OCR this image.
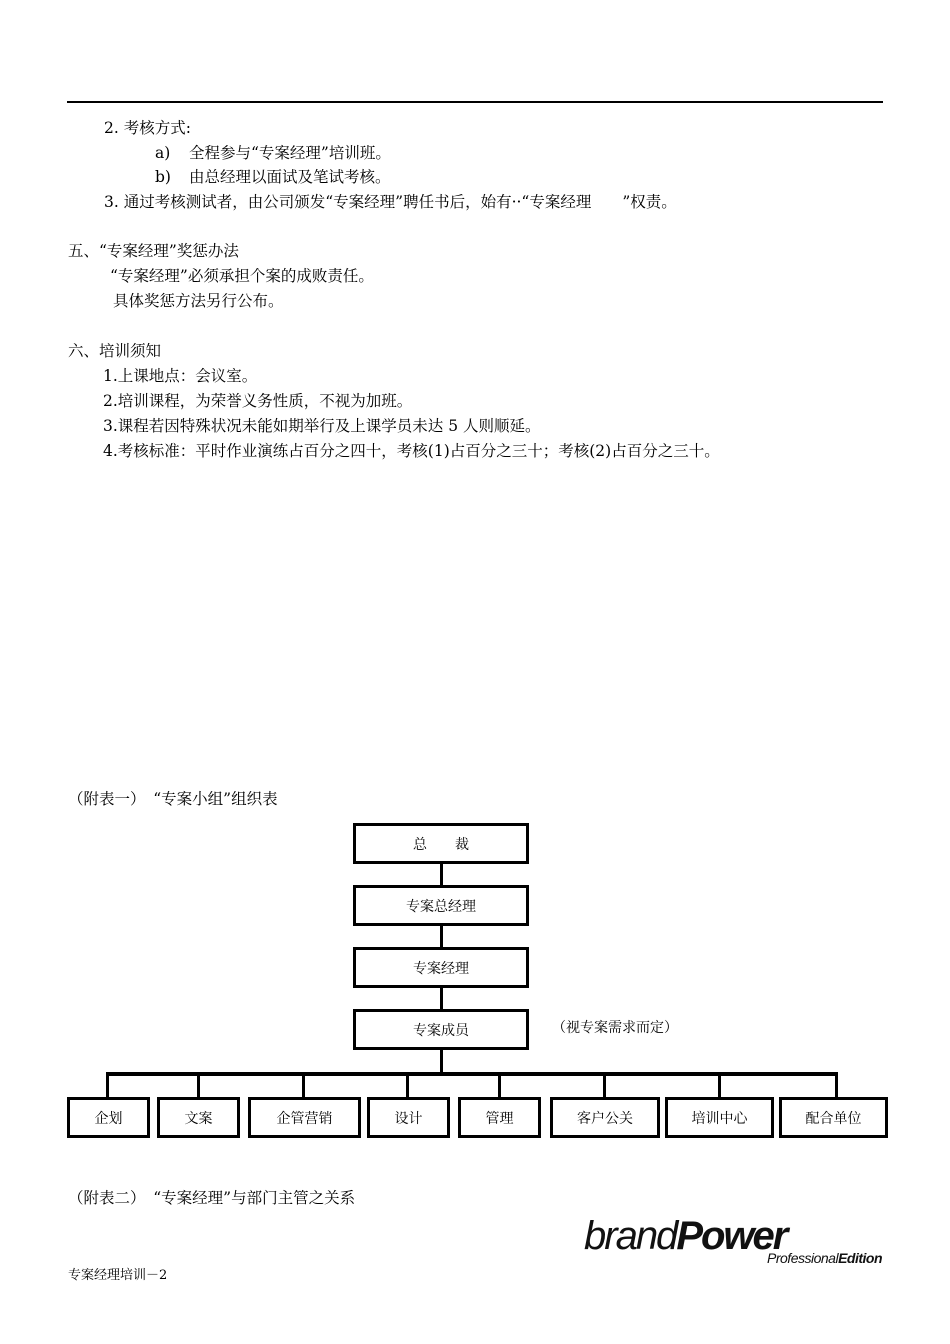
2. 考核方式:
a) 全程参与“专案经理”培训班。
b) 由总经理以面试及笔试考核。
3. 通过考核测试者，由公司颁发“专案经理”聘任书后，始有··“专案经理　　”权责。
五、“专案经理”奖惩办法
“专案经理”必须承担个案的成败责任。
具体奖惩方法另行公布。
六、培训须知
1.上课地点：会议室。
2.培训课程，为荣誉义务性质，不视为加班。
3.课程若因特殊状况未能如期举行及上课学员未达 5 人则顺延。
4.考核标准：平时作业演练占百分之四十，考核(1)占百分之三十；考核(2)占百分之三十。
（附表一）　“专案小组”组织表
总　　裁
专案总经理
专案经理
专案成员	（视专案需求而定）
企划	文案	企管营销	设计	管理	客户公关	培训中心	配合单位
（附表二）　“专案经理”与部门主管之关系
brandPower
ProfessionalEdition
专案经理培训－2
